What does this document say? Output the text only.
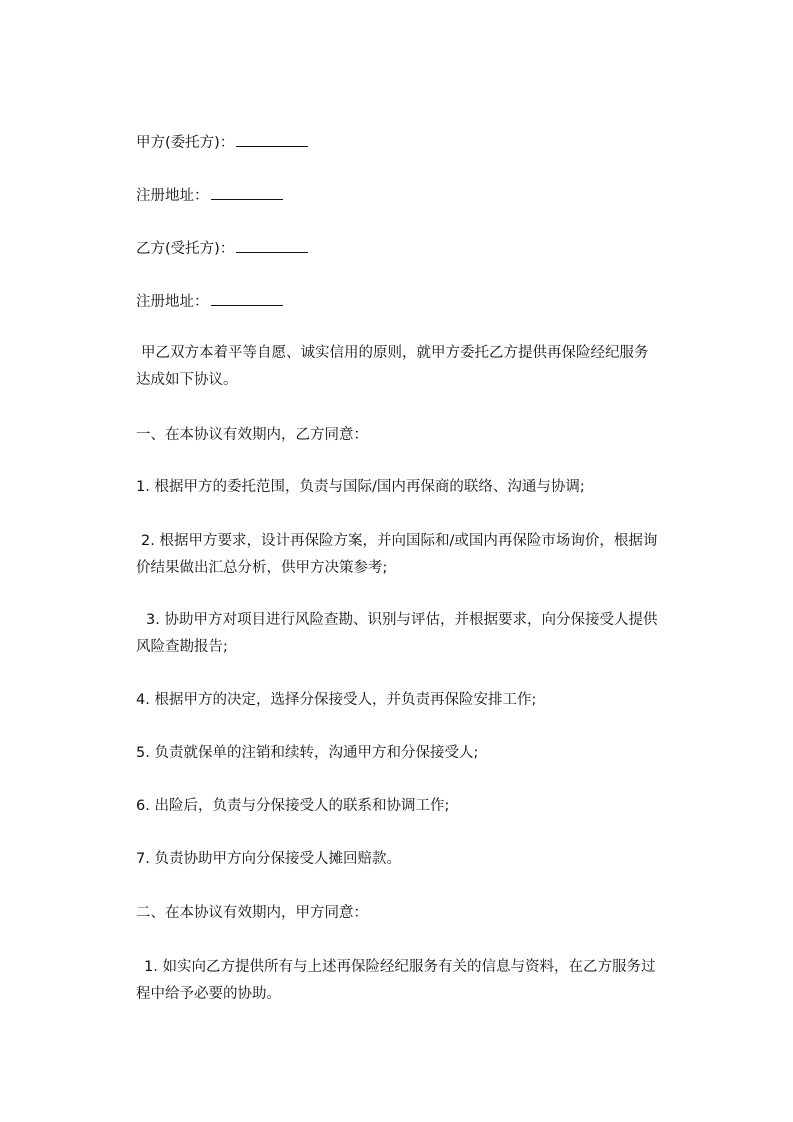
甲方(委托方)：
注册地址：
乙方(受托方)：
注册地址：
甲乙双方本着平等自愿、诚实信用的原则，就甲方委托乙方提供再保险经纪服务
达成如下协议。
一、在本协议有效期内，乙方同意：
1. 根据甲方的委托范围，负责与国际/国内再保商的联络、沟通与协调;
2. 根据甲方要求，设计再保险方案，并向国际和/或国内再保险市场询价，根据询
价结果做出汇总分析，供甲方决策参考;
3. 协助甲方对项目进行风险查勘、识别与评估，并根据要求，向分保接受人提供
风险查勘报告;
4. 根据甲方的决定，选择分保接受人，并负责再保险安排工作;
5. 负责就保单的注销和续转，沟通甲方和分保接受人;
6. 出险后，负责与分保接受人的联系和协调工作;
7. 负责协助甲方向分保接受人摊回赔款。
二、在本协议有效期内，甲方同意：
1. 如实向乙方提供所有与上述再保险经纪服务有关的信息与资料，在乙方服务过
程中给予必要的协助。
